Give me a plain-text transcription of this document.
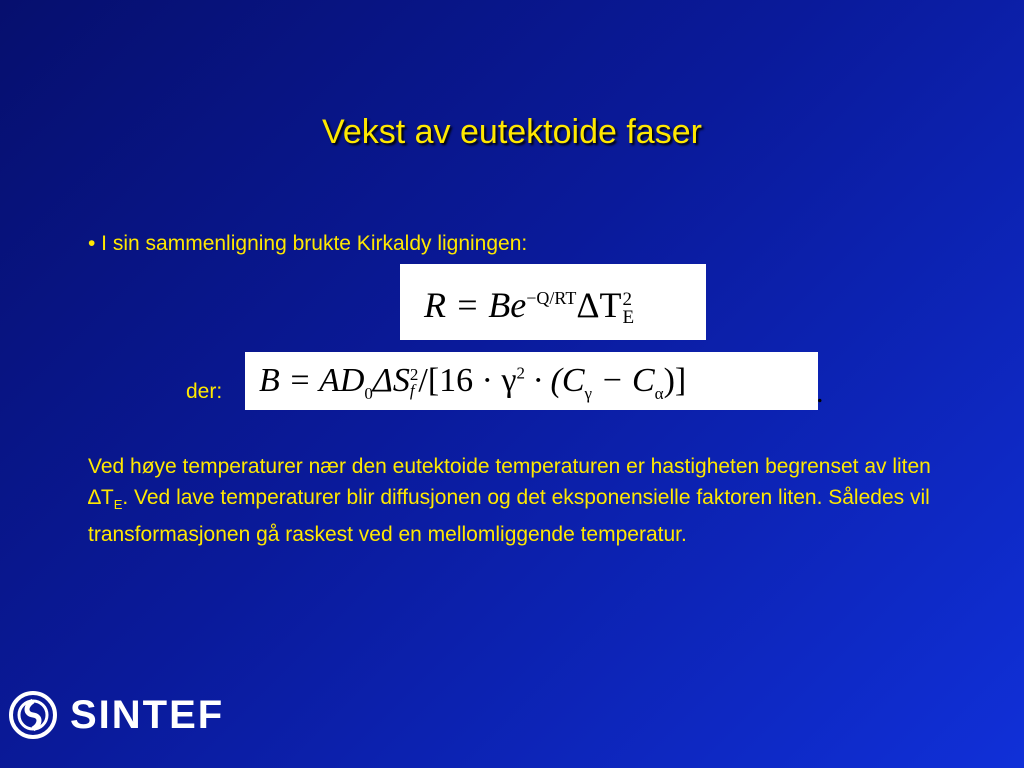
Vekst av eutektoide faser
• I sin sammenligning brukte Kirkaldy ligningen:
$R = Be^{-Q/RT}\Delta T2$
E
der: $B = AD_0\Delta S2$
f $/[16 \cdot \gamma^2 \cdot (C_\gamma - C_\alpha)]$	.
Ved høye temperaturer nær den eutektoide temperaturen er hastigheten begrenset av liten $\Delta T_E$. Ved lave temperaturer blir diffusjonen og det eksponensielle faktoren liten. Således vil transformasjonen gå raskest ved en mellomliggende temperatur.
SINTEF
